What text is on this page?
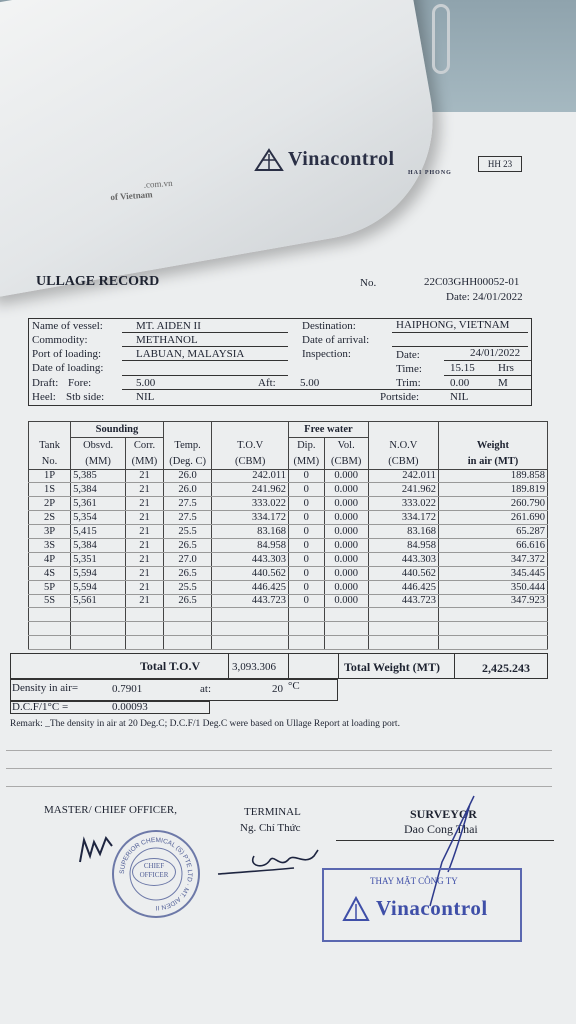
.com.vn
of Vietnam
Vinacontrol
HAI PHONG
HH 23
ULLAGE RECORD	No.	22C03GHH00052-01
Date: 24/01/2022
Name of vessel:	MT. AIDEN II
Commodity:	METHANOL
Port of loading:	LABUAN, MALAYSIA
Date of loading:
Draft: Fore:	5.00	Aft: 5.00
Heel: Stb side:	NIL
Destination:	HAIPHONG, VIETNAM
Date of arrival:
Inspection:	Date:	24/01/2022
Time:	15.15 Hrs
Trim:	0.00	M
Portside:	NIL
	Sounding				Free water			
Tank	Obsvd.	Corr.	Temp.	T.O.V	Dip.	Vol.	N.O.V	Weight
No.	(MM)	(MM)	(Deg. C)	(CBM)	(MM)	(CBM)	(CBM)	in air (MT)
1P	5,385	21	26.0	242.011	0	0.000	242.011	189.858
1S	5,384	21	26.0	241.962	0	0.000	241.962	189.819
2P	5,361	21	27.5	333.022	0	0.000	333.022	260.790
2S	5,354	21	27.5	334.172	0	0.000	334.172	261.690
3P	5,415	21	25.5	83.168	0	0.000	83.168	65.287
3S	5,384	21	26.5	84.958	0	0.000	84.958	66.616
4P	5,351	21	27.0	443.303	0	0.000	443.303	347.372
4S	5,594	21	26.5	440.562	0	0.000	440.562	345.445
5P	5,594	21	25.5	446.425	0	0.000	446.425	350.444
5S	5,561	21	26.5	443.723	0	0.000	443.723	347.923

Total T.O.V	3,093.306	Total Weight (MT)	2,425.243
Density in air=	0.7901	at:	20 °C
D.C.F/1°C =	0.00093
Remark: _The density in air at 20 Deg.C; D.C.F/1 Deg.C were based on Ullage Report at loading port.
MASTER/ CHIEF OFFICER,	TERMINAL
Ng. Chí Thức
SURVEYOR
Dao Cong Thai
SUPERIOR CHEMICAL (S) PTE LTD · MT. AIDEN II
CHIEF OFFICER
THAY MẶT CÔNG TY
Vinacontrol
